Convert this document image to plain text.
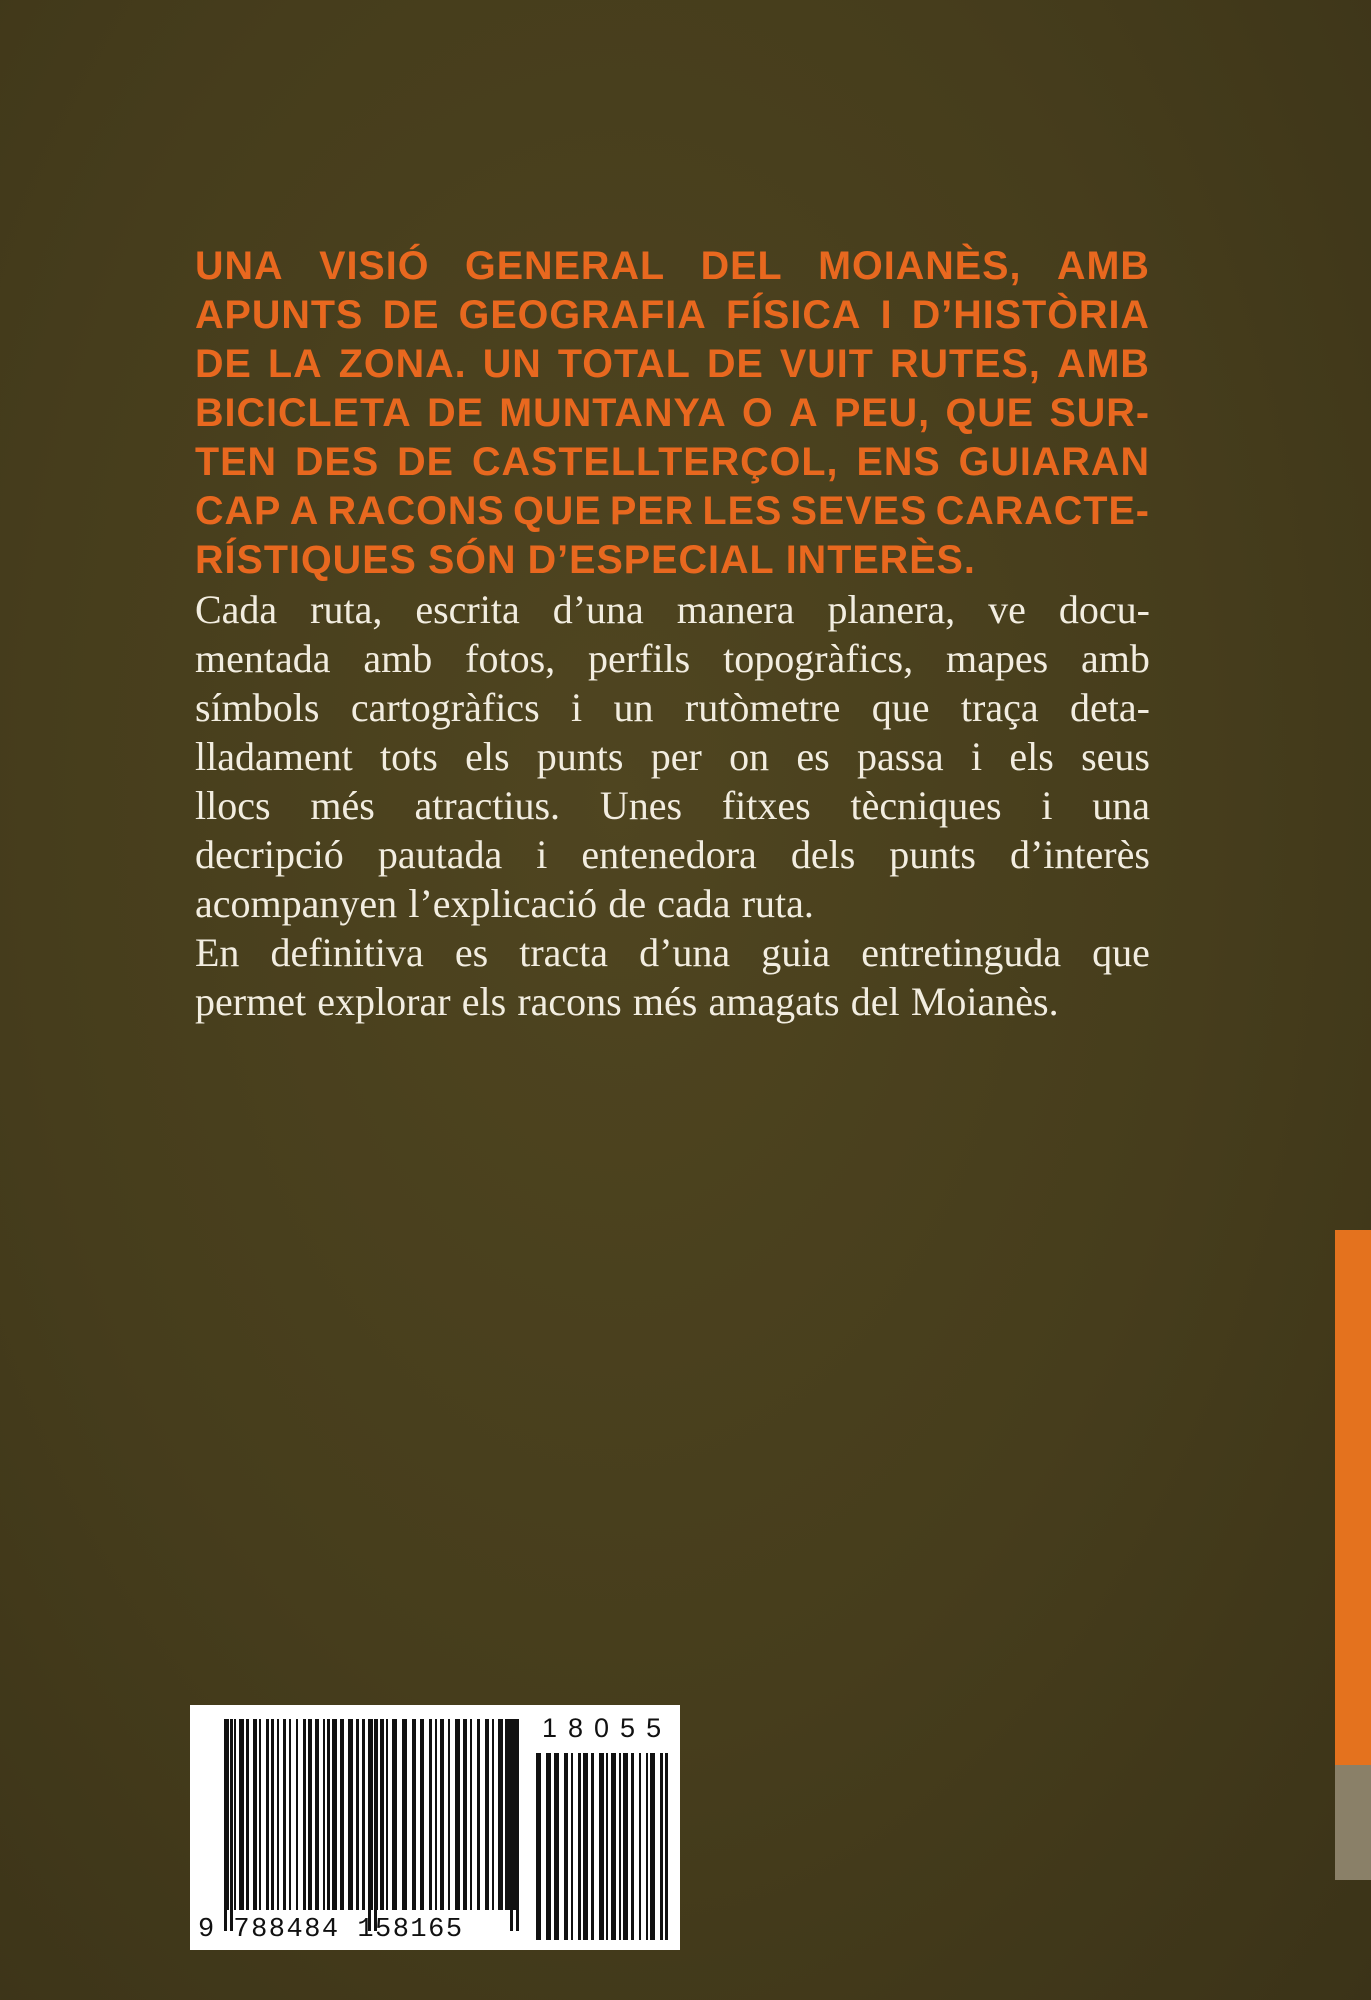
UNA VISIÓ GENERAL DEL MOIANÈS, AMB
APUNTS DE GEOGRAFIA FÍSICA I D’HISTÒRIA
DE LA ZONA. UN TOTAL DE VUIT RUTES, AMB
BICICLETA DE MUNTANYA O A PEU, QUE SUR-
TEN DES DE CASTELLTERÇOL, ENS GUIARAN
CAP A RACONS QUE PER LES SEVES CARACTE-
RÍSTIQUES SÓN D’ESPECIAL INTERÈS.
Cada ruta, escrita d’una manera planera, ve docu-
mentada amb fotos, perfils topogràfics, mapes amb
símbols cartogràfics i un rutòmetre que traça deta-
lladament tots els punts per on es passa i els seus
llocs més atractius. Unes fitxes tècniques i una
decripció pautada i entenedora dels punts d’interès
acompanyen l’explicació de cada ruta.
En definitiva es tracta d’una guia entretinguda que
permet explorar els racons més amagats del Moianès.
18055
9 788484 158165
